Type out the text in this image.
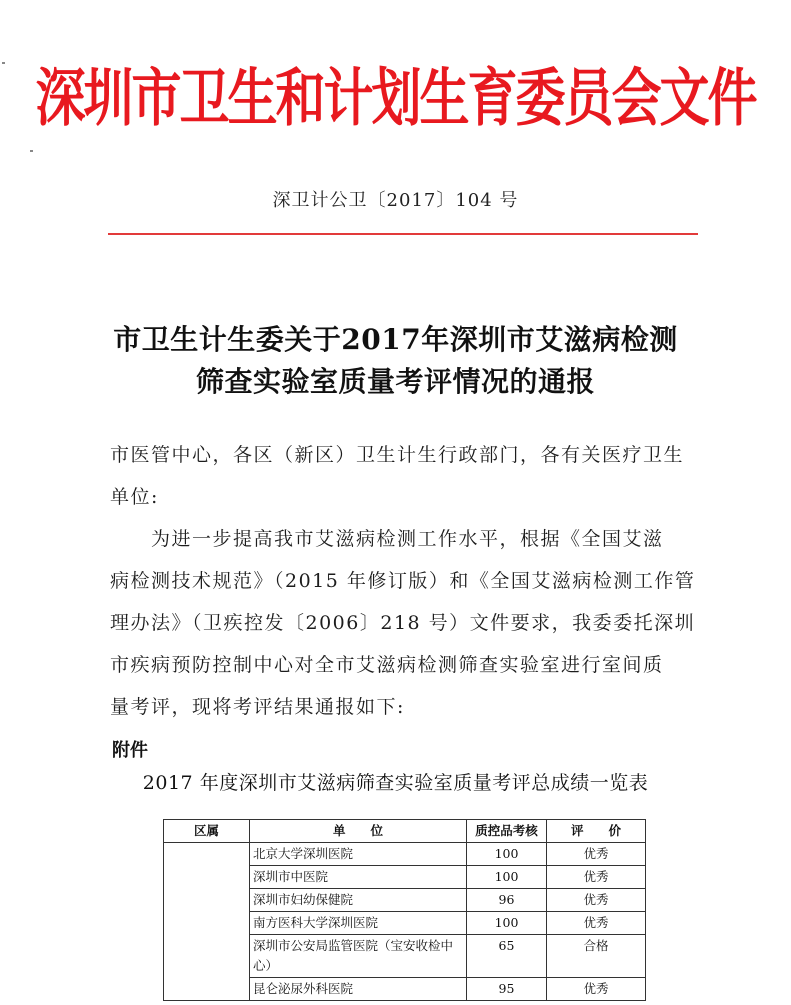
深圳市卫生和计划生育委员会文件
深卫计公卫〔2017〕104 号
市卫生计生委关于2017年深圳市艾滋病检测
筛查实验室质量考评情况的通报
市医管中心，各区（新区）卫生计生行政部门，各有关医疗卫生
单位:
　　为进一步提高我市艾滋病检测工作水平，根据《全国艾滋
病检测技术规范》（2015 年修订版）和《全国艾滋病检测工作管
理办法》（卫疾控发〔2006〕218 号）文件要求，我委委托深圳
市疾病预防控制中心对全市艾滋病检测筛查实验室进行室间质
量考评，现将考评结果通报如下:
附件
2017 年度深圳市艾滋病筛查实验室质量考评总成绩一览表
区属	单　　位	质控品考核	评　　价
	北京大学深圳医院	100	优秀
	深圳市中医院	100	优秀
	深圳市妇幼保健院	96	优秀
	南方医科大学深圳医院	100	优秀
	深圳市公安局监管医院（宝安收检中心）	65	合格
	昆仑泌尿外科医院	95	优秀
